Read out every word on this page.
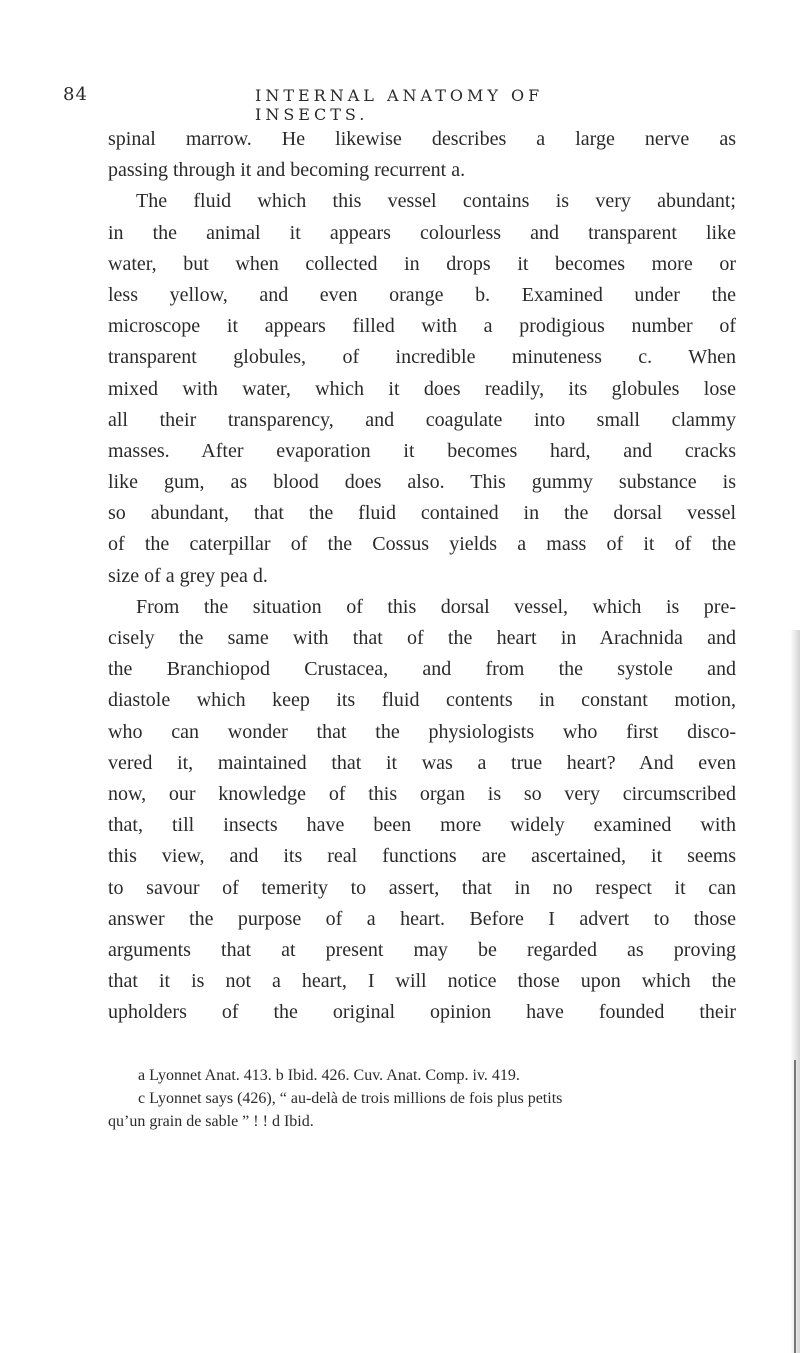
84	INTERNAL ANATOMY OF INSECTS.
spinal marrow. He likewise describes a large nerve as
passing through it and becoming recurrent a.
The fluid which this vessel contains is very abundant;
in the animal it appears colourless and transparent like
water, but when collected in drops it becomes more or
less yellow, and even orange b. Examined under the
microscope it appears filled with a prodigious number of
transparent globules, of incredible minuteness c. When
mixed with water, which it does readily, its globules lose
all their transparency, and coagulate into small clammy
masses. After evaporation it becomes hard, and cracks
like gum, as blood does also. This gummy substance is
so abundant, that the fluid contained in the dorsal vessel
of the caterpillar of the Cossus yields a mass of it of the
size of a grey pea d.
From the situation of this dorsal vessel, which is pre-
cisely the same with that of the heart in Arachnida and
the Branchiopod Crustacea, and from the systole and
diastole which keep its fluid contents in constant motion,
who can wonder that the physiologists who first disco-
vered it, maintained that it was a true heart? And even
now, our knowledge of this organ is so very circumscribed
that, till insects have been more widely examined with
this view, and its real functions are ascertained, it seems
to savour of temerity to assert, that in no respect it can
answer the purpose of a heart. Before I advert to those
arguments that at present may be regarded as proving
that it is not a heart, I will notice those upon which the
upholders of the original opinion have founded their
a Lyonnet Anat. 413. b Ibid. 426. Cuv. Anat. Comp. iv. 419.
c Lyonnet says (426), “ au-delà de trois millions de fois plus petits
qu’un grain de sable ” ! ! d Ibid.
